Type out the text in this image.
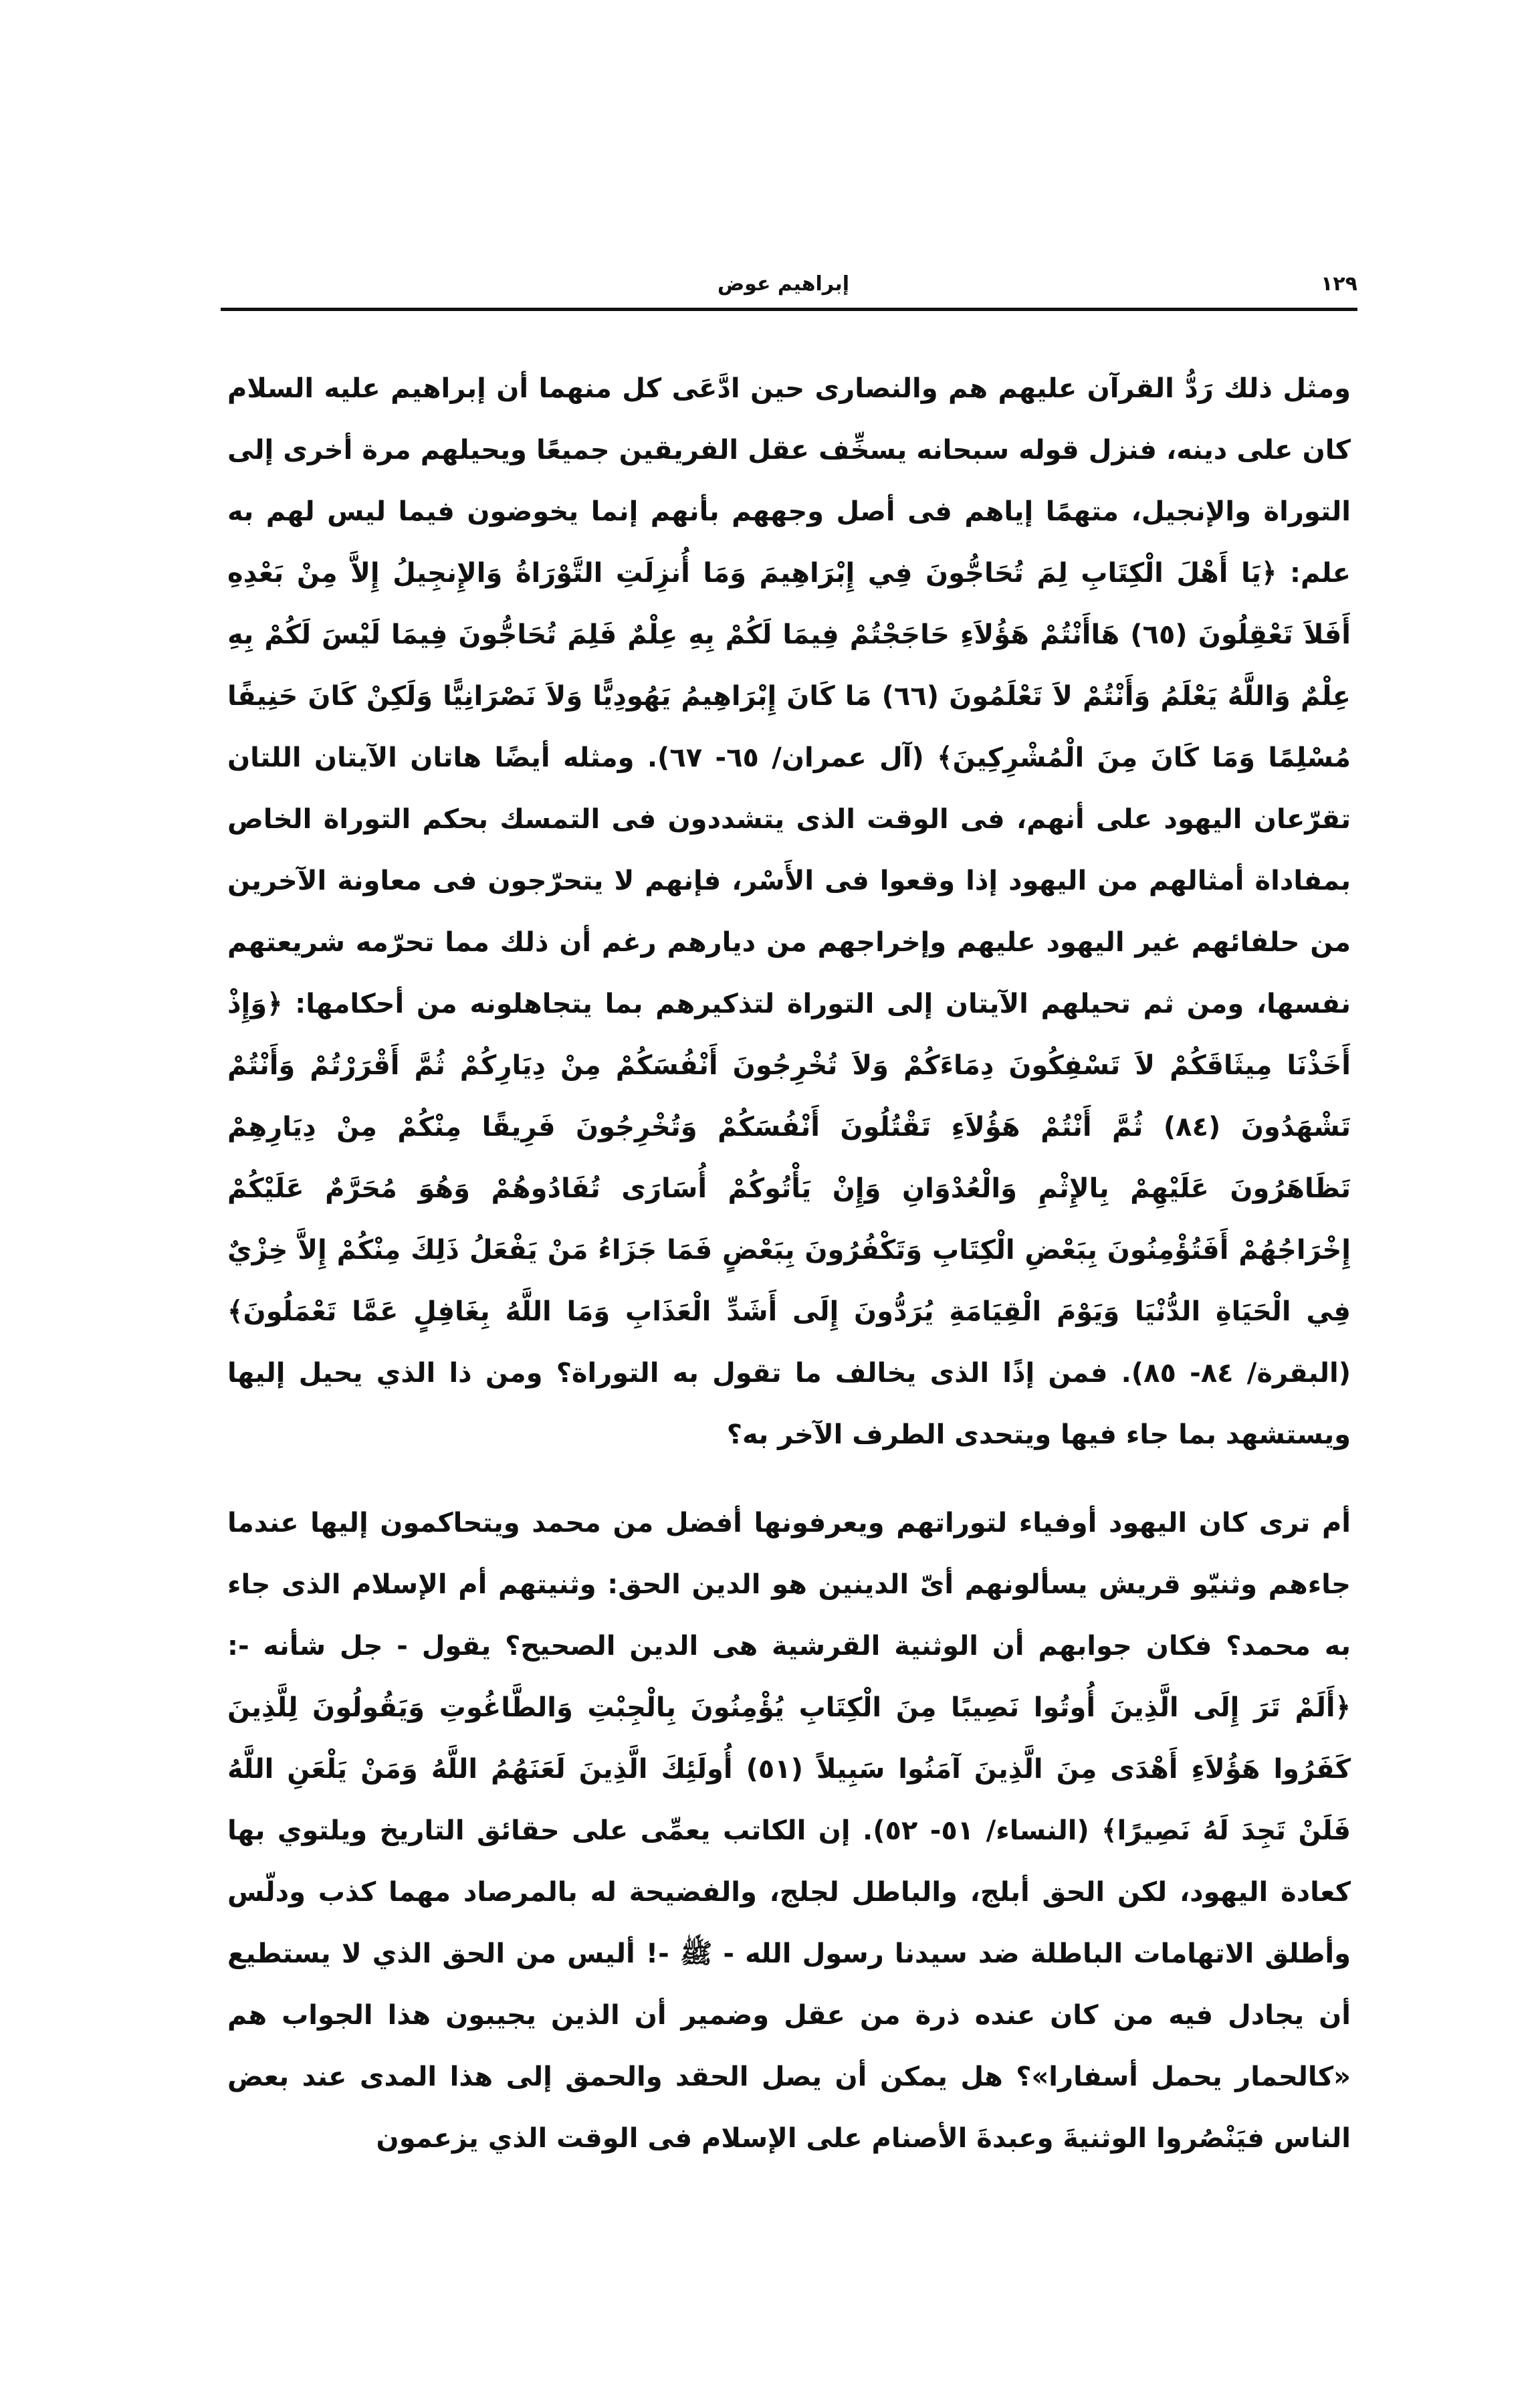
١٢٩
إبراهيم عوض

ومثل ذلك رَدُّ القرآن عليهم هم والنصارى حين ادَّعَى كل منهما أن إبراهيم عليه السلام كان على دينه، فنزل قوله سبحانه يسخِّف عقل الفريقين جميعًا ويحيلهم مرة أخرى إلى التوراة والإنجيل، متهمًا إياهم فى أصل وجههم بأنهم إنما يخوضون فيما ليس لهم به علم: ﴿يَا أَهْلَ الْكِتَابِ لِمَ تُحَاجُّونَ فِي إِبْرَاهِيمَ وَمَا أُنزِلَتِ التَّوْرَاةُ وَالإِنجِيلُ إِلاَّ مِنْ بَعْدِهِ أَفَلاَ تَعْقِلُونَ (٦٥) هَاأَنْتُمْ هَؤُلاَءِ حَاجَجْتُمْ فِيمَا لَكُمْ بِهِ عِلْمٌ فَلِمَ تُحَاجُّونَ فِيمَا لَيْسَ لَكُمْ بِهِ عِلْمٌ وَاللَّهُ يَعْلَمُ وَأَنْتُمْ لاَ تَعْلَمُونَ (٦٦) مَا كَانَ إِبْرَاهِيمُ يَهُودِيًّا وَلاَ نَصْرَانِيًّا وَلَكِنْ كَانَ حَنِيفًا مُسْلِمًا وَمَا كَانَ مِنَ الْمُشْرِكِينَ﴾ (آل عمران/ ٦٥- ٦٧). ومثله أيضًا هاتان الآيتان اللتان تقرّعان اليهود على أنهم، فى الوقت الذى يتشددون فى التمسك بحكم التوراة الخاص بمفاداة أمثالهم من اليهود إذا وقعوا فى الأَسْر، فإنهم لا يتحرّجون فى معاونة الآخرين من حلفائهم غير اليهود عليهم وإخراجهم من ديارهم رغم أن ذلك مما تحرّمه شريعتهم نفسها، ومن ثم تحيلهم الآيتان إلى التوراة لتذكيرهم بما يتجاهلونه من أحكامها: ﴿وَإِذْ أَخَذْنَا مِيثَاقَكُمْ لاَ تَسْفِكُونَ دِمَاءَكُمْ وَلاَ تُخْرِجُونَ أَنْفُسَكُمْ مِنْ دِيَارِكُمْ ثُمَّ أَقْرَرْتُمْ وَأَنْتُمْ تَشْهَدُونَ (٨٤) ثُمَّ أَنْتُمْ هَؤُلاَءِ تَقْتُلُونَ أَنْفُسَكُمْ وَتُخْرِجُونَ فَرِيقًا مِنْكُمْ مِنْ دِيَارِهِمْ تَظَاهَرُونَ عَلَيْهِمْ بِالإِثْمِ وَالْعُدْوَانِ وَإِنْ يَأْتُوكُمْ أُسَارَى تُفَادُوهُمْ وَهُوَ مُحَرَّمٌ عَلَيْكُمْ إِخْرَاجُهُمْ أَفَتُؤْمِنُونَ بِبَعْضِ الْكِتَابِ وَتَكْفُرُونَ بِبَعْضٍ فَمَا جَزَاءُ مَنْ يَفْعَلُ ذَلِكَ مِنْكُمْ إِلاَّ خِزْيٌ فِي الْحَيَاةِ الدُّنْيَا وَيَوْمَ الْقِيَامَةِ يُرَدُّونَ إِلَى أَشَدِّ الْعَذَابِ وَمَا اللَّهُ بِغَافِلٍ عَمَّا تَعْمَلُونَ﴾ (البقرة/ ٨٤- ٨٥). فمن إذًا الذى يخالف ما تقول به التوراة؟ ومن ذا الذي يحيل إليها ويستشهد بما جاء فيها ويتحدى الطرف الآخر به؟

أم ترى كان اليهود أوفياء لتوراتهم ويعرفونها أفضل من محمد ويتحاكمون إليها عندما جاءهم وثنيّو قريش يسألونهم أىّ الدينين هو الدين الحق: وثنيتهم أم الإسلام الذى جاء به محمد؟ فكان جوابهم أن الوثنية القرشية هى الدين الصحيح؟ يقول - جل شأنه -: ﴿أَلَمْ تَرَ إِلَى الَّذِينَ أُوتُوا نَصِيبًا مِنَ الْكِتَابِ يُؤْمِنُونَ بِالْجِبْتِ وَالطَّاغُوتِ وَيَقُولُونَ لِلَّذِينَ كَفَرُوا هَؤُلاَءِ أَهْدَى مِنَ الَّذِينَ آمَنُوا سَبِيلاً (٥١) أُولَئِكَ الَّذِينَ لَعَنَهُمُ اللَّهُ وَمَنْ يَلْعَنِ اللَّهُ فَلَنْ تَجِدَ لَهُ نَصِيرًا﴾ (النساء/ ٥١- ٥٢). إن الكاتب يعمِّى على حقائق التاريخ ويلتوي بها كعادة اليهود، لكن الحق أبلج، والباطل لجلج، والفضيحة له بالمرصاد مهما كذب ودلّس وأطلق الاتهامات الباطلة ضد سيدنا رسول الله - ﷺ -! أليس من الحق الذي لا يستطيع أن يجادل فيه من كان عنده ذرة من عقل وضمير أن الذين يجيبون هذا الجواب هم «كالحمار يحمل أسفارا»؟ هل يمكن أن يصل الحقد والحمق إلى هذا المدى عند بعض الناس فيَنْصُروا الوثنيةَ وعبدةَ الأصنام على الإسلام فى الوقت الذي يزعمون
